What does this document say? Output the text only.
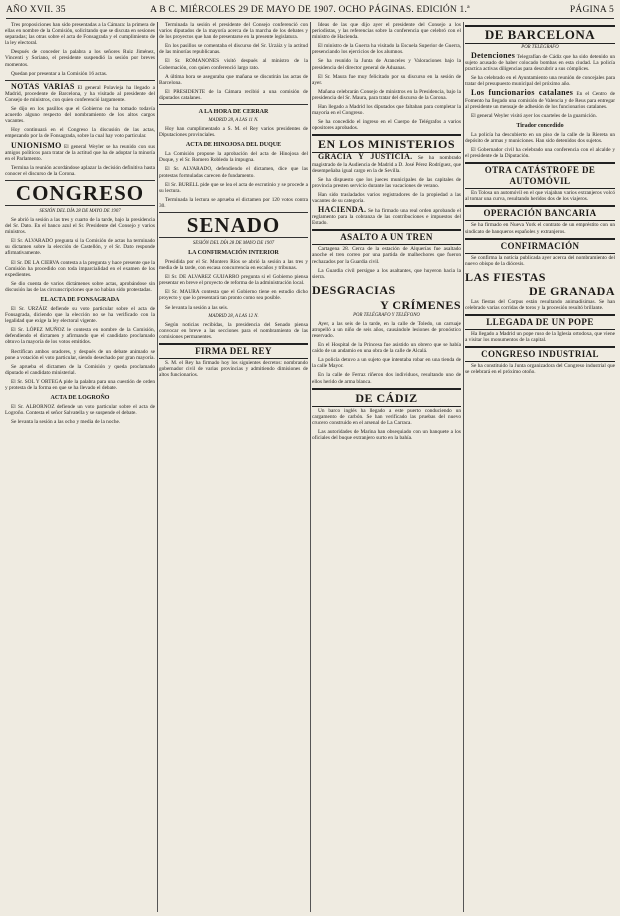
AÑO XVII. 35	A B C. MIÉRCOLES 29 DE MAYO DE 1907. OCHO PÁGINAS. EDICIÓN 1.ª	PÁGINA 5

Tres proposiciones han sido presentadas a la Cámara: la primera de ellas en nombre de la Comisión, solicitando que se discuta en sesiones separadas; las otras sobre el acta de Fonsagrada y el cumplimiento de la ley electoral.

Después de conceder la palabra a los señores Ruiz Jiménez, Vincenti y Soriano, el presidente suspendió la sesión por breves momentos.

Quedan por presentar a la Comisión 16 actas.

NOTAS VARIAS El general Polavieja ha llegado a Madrid, procedente de Barcelona, y ha visitado al presidente del Consejo de ministros, con quien conferenció largamente.

Se dijo en los pasillos que el Gobierno no ha tomado todavía acuerdo alguno respecto del nombramiento de los altos cargos vacantes.

Hoy continuará en el Congreso la discusión de las actas, empezando por la de Fonsagrada, sobre la cual hay voto particular.

UNIONISMO El general Weyler se ha reunido con sus amigos políticos para tratar de la actitud que ha de adoptar la minoría en el Parlamento.

Termina la reunión acordándose aplazar la decisión definitiva hasta conocer el discurso de la Corona.

CONGRESO
SESIÓN DEL DÍA 28 DE MAYO DE 1907

Se abrió la sesión a las tres y cuarto de la tarde, bajo la presidencia del Sr. Dato. En el banco azul el Sr. Presidente del Consejo y varios ministros.

El Sr. ALVARADO pregunta si la Comisión de actas ha terminado su dictamen sobre la elección de Castellón, y el Sr. Dato responde afirmativamente.

El Sr. DE LA CIERVA contesta a la pregunta y hace presente que la Comisión ha procedido con toda imparcialidad en el examen de los expedientes.

Se dio cuenta de varios dictámenes sobre actas, aprobándose sin discusión las de las circunscripciones que no habían sido protestadas.

EL ACTA DE FONSAGRADA

El Sr. URZÁIZ defiende su voto particular sobre el acta de Fonsagrada, diciendo que la elección no se ha verificado con la legalidad que exige la ley electoral vigente.

El Sr. LÓPEZ MUÑOZ le contesta en nombre de la Comisión, defendiendo el dictamen y afirmando que el candidato proclamado obtuvo la mayoría de los votos emitidos.

Rectifican ambos oradores, y después de un debate animado se pone a votación el voto particular, siendo desechado por gran mayoría.

Se aprueba el dictamen de la Comisión y queda proclamado diputado el candidato ministerial.

El Sr. SOL Y ORTEGA pide la palabra para una cuestión de orden y protesta de la forma en que se ha llevado el debate.

ACTA DE LOGROÑO

El Sr. ALBORNOZ defiende un voto particular sobre el acta de Logroño. Contesta el señor Salvatella y se suspende el debate.

Se levanta la sesión a las ocho y media de la noche.

Terminada la sesión el presidente del Consejo conferenció con varios diputados de la mayoría acerca de la marcha de los debates y de los proyectos que han de presentarse en la presente legislatura.

En los pasillos se comentaba el discurso del Sr. Urzáiz y la actitud de las minorías republicanas.

El Sr. ROMANONES visitó después al ministro de la Gobernación, con quien conferenció largo rato.

A última hora se aseguraba que mañana se discutirán las actas de Barcelona.

El PRESIDENTE de la Cámara recibió a una comisión de diputados catalanes.

A LA HORA DE CERRAR
MADRID 28, A LAS 11 N.

Hoy han cumplimentado a S. M. el Rey varios presidentes de Diputaciones provinciales.

ACTA DE HINOJOSA DEL DUQUE

La Comisión propone la aprobación del acta de Hinojosa del Duque, y el Sr. Romero Robledo la impugna.

El Sr. ALVARADO, defendiendo el dictamen, dice que las protestas formuladas carecen de fundamento.

El Sr. BURELL pide que se lea el acta de escrutinio y se procede a su lectura.

Terminada la lectura se aprueba el dictamen por 120 votos contra 30.

SENADO
SESIÓN DEL DÍA 28 DE MAYO DE 1907
LA CONFIRMACIÓN INTERIOR

Presidida por el Sr. Montero Ríos se abrió la sesión a las tres y media de la tarde, con escasa concurrencia en escaños y tribunas.

El Sr. DE ALVAREZ GUIJARRO pregunta si el Gobierno piensa presentar en breve el proyecto de reforma de la administración local.

El Sr. MAURA contesta que el Gobierno tiene en estudio dicho proyecto y que lo presentará tan pronto como sea posible.

Se levanta la sesión a las seis.

MADRID 28, A LAS 12 N.

Según noticias recibidas, la presidencia del Senado piensa convocar en breve a las secciones para el nombramiento de las comisiones permanentes.

FIRMA DEL REY

S. M. el Rey ha firmado hoy los siguientes decretos: nombrando gobernador civil de varias provincias y admitiendo dimisiones de altos funcionarios.

Ideas de las que dijo ayer el presidente del Consejo a los periodistas, y las referencias sobre la conferencia que celebró con el ministro de Hacienda.

El ministro de la Guerra ha visitado la Escuela Superior de Guerra, presenciando los ejercicios de los alumnos.

Se ha reunido la Junta de Aranceles y Valoraciones bajo la presidencia del director general de Aduanas.

El Sr. Maura fue muy felicitado por su discurso en la sesión de ayer.

Mañana celebrarán Consejo de ministros en la Presidencia, bajo la presidencia del Sr. Maura, para tratar del discurso de la Corona.

Han llegado a Madrid los diputados que faltaban para completar la mayoría en el Congreso.

Se ha concedido el ingreso en el Cuerpo de Telégrafos a varios opositores aprobados.

EN LOS MINISTERIOS

GRACIA Y JUSTICIA. Se ha nombrado magistrado de la Audiencia de Madrid a D. José Pérez Rodríguez, que desempeñaba igual cargo en la de Sevilla.

Se ha dispuesto que los jueces municipales de las capitales de provincia presten servicio durante las vacaciones de verano.

Han sido trasladados varios registradores de la propiedad a las vacantes de su categoría.

HACIENDA. Se ha firmado una real orden aprobando el reglamento para la cobranza de las contribuciones e impuestos del Estado.

ASALTO A UN TREN

Cartagena 28. Cerca de la estación de Alquerías fue asaltado anoche el tren correo por una partida de malhechores que fueron rechazados por la Guardia civil.

La Guardia civil persigue a los asaltantes, que huyeron hacia la sierra.

DESGRACIAS
Y CRÍMENES
POR TELÉGRAFO Y TELÉFONO

Ayer, a las seis de la tarde, en la calle de Toledo, un carruaje atropelló a un niño de seis años, causándole lesiones de pronóstico reservado.

En el Hospital de la Princesa fue asistido un obrero que se había caído de un andamio en una obra de la calle de Alcalá.

La policía detuvo a un sujeto que intentaba robar en una tienda de la calle Mayor.

En la calle de Ferraz riñeron dos individuos, resultando uno de ellos herido de arma blanca.

DE CÁDIZ

Un barco inglés ha llegado a este puerto conduciendo un cargamento de carbón. Se han verificado las pruebas del nuevo crucero construido en el arsenal de La Carraca.

Las autoridades de Marina han obsequiado con un banquete a los oficiales del buque extranjero surto en la bahía.

DE BARCELONA
POR TELÉGRAFO

Detenciones Telegrafían de Cádiz que ha sido detenido un sujeto acusado de haber colocado bombas en esta ciudad. La policía practica activas diligencias para descubrir a sus cómplices.

Se ha celebrado en el Ayuntamiento una reunión de concejales para tratar del presupuesto municipal del próximo año.

Los funcionarios catalanes En el Centro de Fomento ha llegado una comisión de Valencia y de Reus para entregar al presidente un mensaje de adhesión de los funcionarios catalanes.

El general Weyler visitó ayer los cuarteles de la guarnición.

Tirador concedido

La policía ha descubierto en un piso de la calle de la Riereta un depósito de armas y municiones. Han sido detenidos dos sujetos.

El Gobernador civil ha celebrado una conferencia con el alcalde y el presidente de la Diputación.

OTRA CATÁSTROFE DE AUTOMÓVIL

En Tolosa un automóvil en el que viajaban varios extranjeros volcó al tomar una curva, resultando heridos dos de los viajeros.

OPERACIÓN BANCARIA

Se ha firmado en Nueva York el contrato de un empréstito con un sindicato de banqueros españoles y extranjeros.

CONFIRMACIÓN

Se confirma la noticia publicada ayer acerca del nombramiento del nuevo obispo de la diócesis.

LAS FIESTAS
DE GRANADA

Las fiestas del Corpus están resultando animadísimas. Se han celebrado varias corridas de toros y la procesión resultó brillante.

LLEGADA DE UN POPE

Ha llegado a Madrid un pope ruso de la Iglesia ortodoxa, que viene a visitar los monumentos de la capital.

CONGRESO INDUSTRIAL

Se ha constituido la Junta organizadora del Congreso industrial que se celebrará en el próximo otoño.
